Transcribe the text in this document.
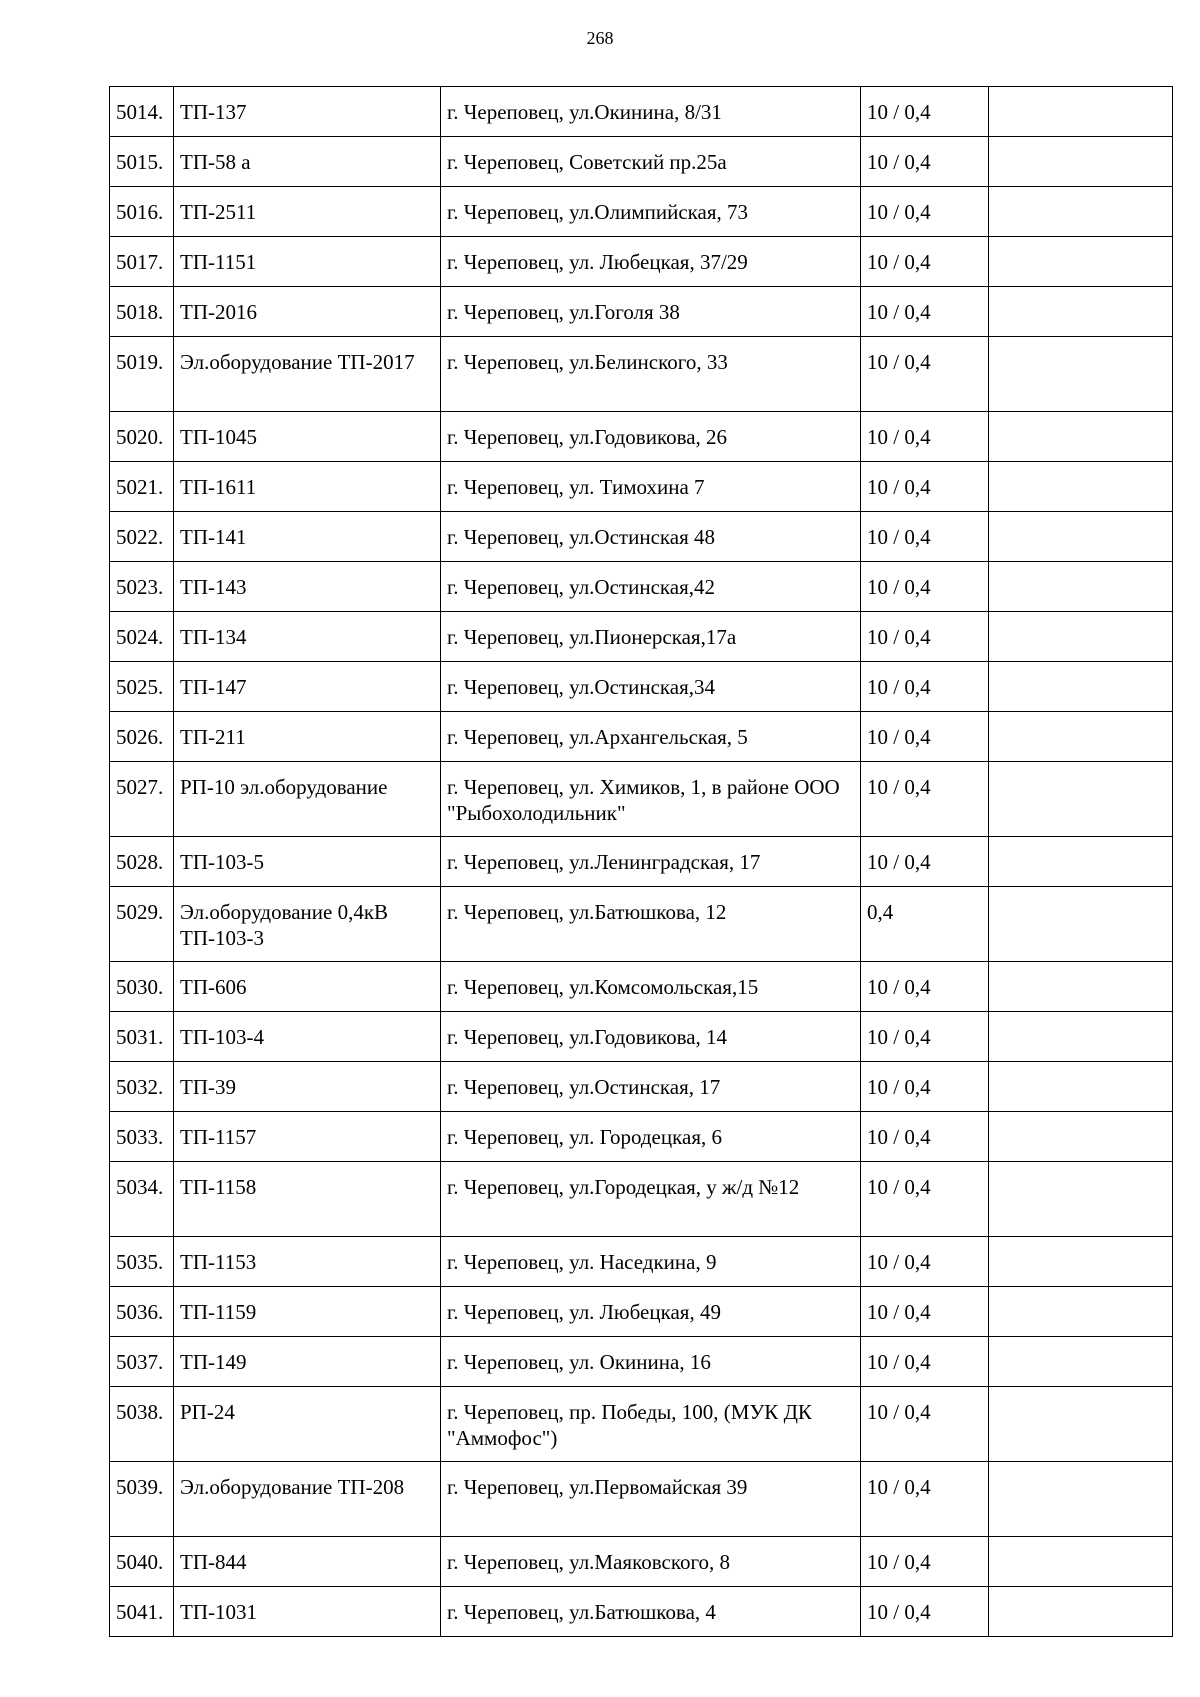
268
5014.	ТП-137	г. Череповец, ул.Окинина, 8/31	10 / 0,4	
5015.	ТП-58 а	г. Череповец, Советский пр.25а	10 / 0,4	
5016.	ТП-2511	г. Череповец, ул.Олимпийская, 73	10 / 0,4	
5017.	ТП-1151	г. Череповец, ул. Любецкая, 37/29	10 / 0,4	
5018.	ТП-2016	г. Череповец, ул.Гоголя 38	10 / 0,4	
5019.	Эл.оборудование ТП-2017	г. Череповец, ул.Белинского, 33	10 / 0,4	
5020.	ТП-1045	г. Череповец, ул.Годовикова, 26	10 / 0,4	
5021.	ТП-1611	г. Череповец, ул. Тимохина 7	10 / 0,4	
5022.	ТП-141	г. Череповец, ул.Остинская 48	10 / 0,4	
5023.	ТП-143	г. Череповец, ул.Остинская,42	10 / 0,4	
5024.	ТП-134	г. Череповец, ул.Пионерская,17а	10 / 0,4	
5025.	ТП-147	г. Череповец, ул.Остинская,34	10 / 0,4	
5026.	ТП-211	г. Череповец, ул.Архангельская, 5	10 / 0,4	
5027.	РП-10 эл.оборудование	г. Череповец, ул. Химиков, 1, в районе ООО "Рыбохолодильник"	10 / 0,4	
5028.	ТП-103-5	г. Череповец, ул.Ленинградская, 17	10 / 0,4	
5029.	Эл.оборудование 0,4кВ ТП-103-3	г. Череповец, ул.Батюшкова, 12	0,4	
5030.	ТП-606	г. Череповец, ул.Комсомольская,15	10 / 0,4	
5031.	ТП-103-4	г. Череповец, ул.Годовикова, 14	10 / 0,4	
5032.	ТП-39	г. Череповец, ул.Остинская, 17	10 / 0,4	
5033.	ТП-1157	г. Череповец, ул. Городецкая, 6	10 / 0,4	
5034.	ТП-1158	г. Череповец, ул.Городецкая, у ж/д №12	10 / 0,4	
5035.	ТП-1153	г. Череповец, ул. Наседкина, 9	10 / 0,4	
5036.	ТП-1159	г. Череповец, ул. Любецкая, 49	10 / 0,4	
5037.	ТП-149	г. Череповец, ул. Окинина, 16	10 / 0,4	
5038.	РП-24	г. Череповец, пр. Победы, 100, (МУК ДК "Аммофос")	10 / 0,4	
5039.	Эл.оборудование ТП-208	г. Череповец, ул.Первомайская 39	10 / 0,4	
5040.	ТП-844	г. Череповец, ул.Маяковского, 8	10 / 0,4	
5041.	ТП-1031	г. Череповец, ул.Батюшкова, 4	10 / 0,4	
